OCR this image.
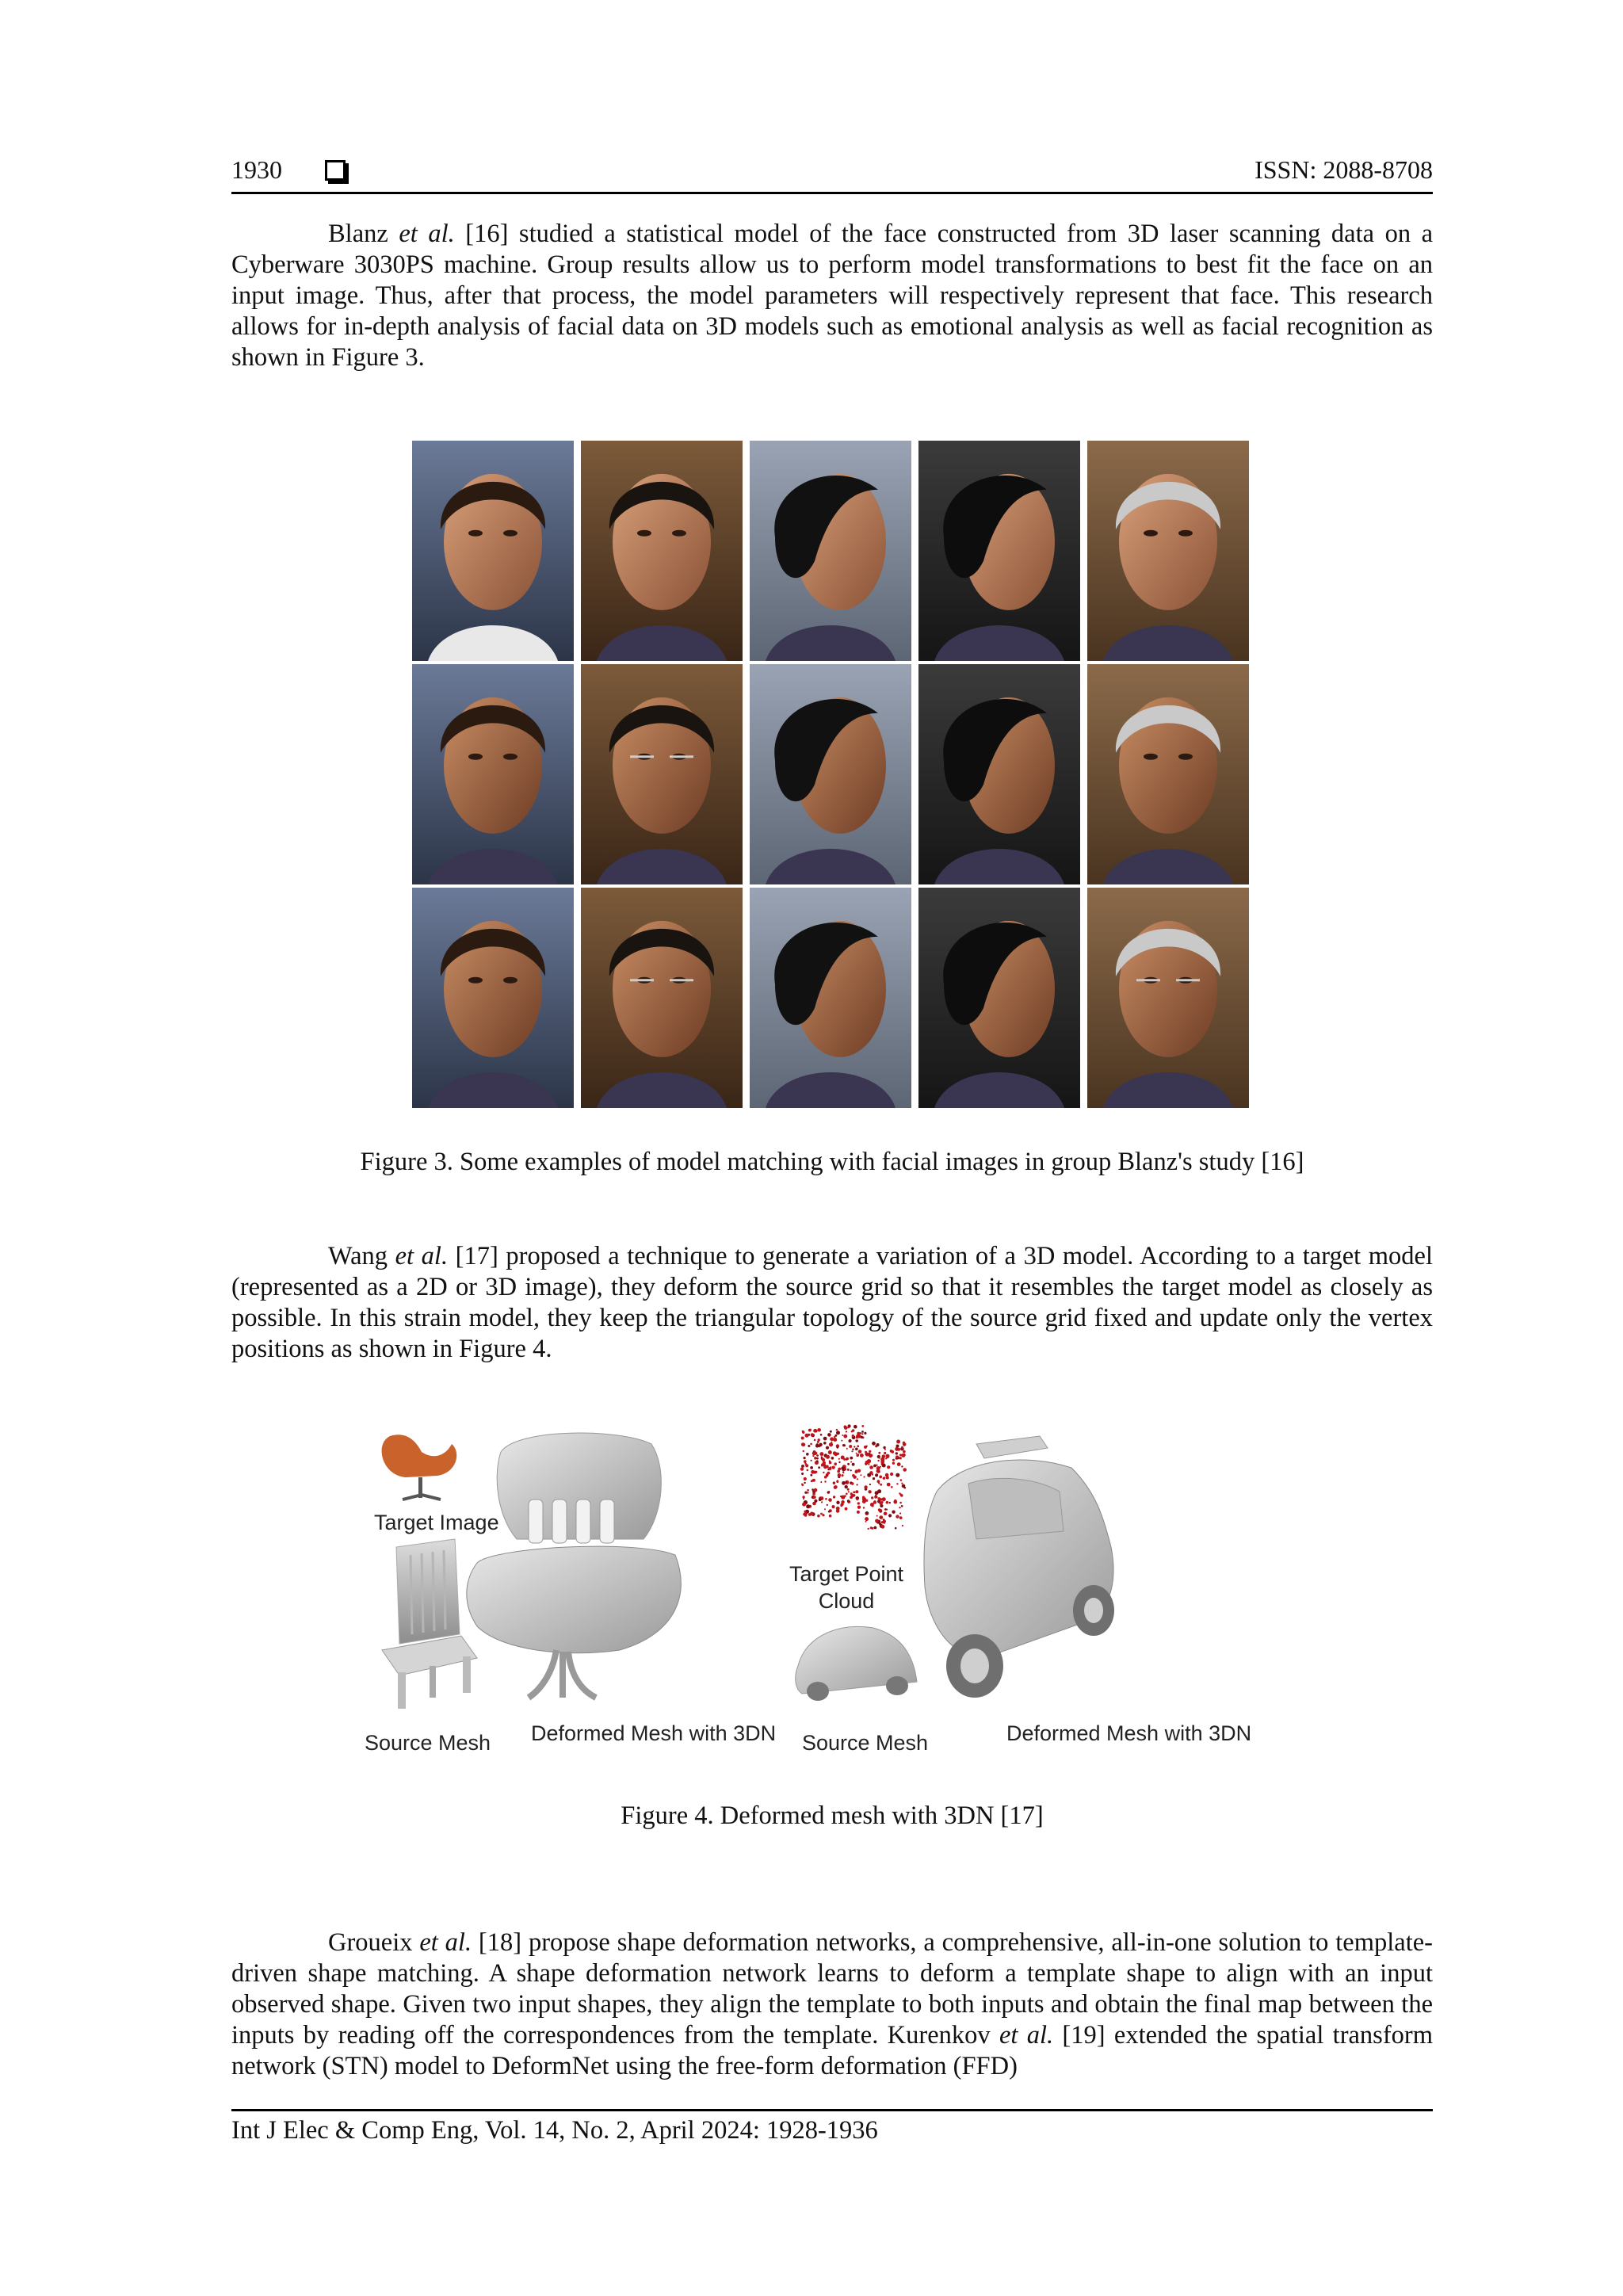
1930	ISSN: 2088-8708

Blanz et al. [16] studied a statistical model of the face constructed from 3D laser scanning data on a Cyberware 3030PS machine. Group results allow us to perform model transformations to best fit the face on an input image. Thus, after that process, the model parameters will respectively represent that face. This research allows for in-depth analysis of facial data on 3D models such as emotional analysis as well as facial recognition as shown in Figure 3.

Figure 3. Some examples of model matching with facial images in group Blanz's study [16]

Wang et al. [17] proposed a technique to generate a variation of a 3D model. According to a target model (represented as a 2D or 3D image), they deform the source grid so that it resembles the target model as closely as possible. In this strain model, they keep the triangular topology of the source grid fixed and update only the vertex positions as shown in Figure 4.

Target Image
Source Mesh Deformed Mesh with 3DN
Target Point
Cloud
Source Mesh	Deformed Mesh with 3DN
Figure 4. Deformed mesh with 3DN [17]

Groueix et al. [18] propose shape deformation networks, a comprehensive, all-in-one solution to template-driven shape matching. A shape deformation network learns to deform a template shape to align with an input observed shape. Given two input shapes, they align the template to both inputs and obtain the final map between the inputs by reading off the correspondences from the template. Kurenkov et al. [19] extended the spatial transform network (STN) model to DeformNet using the free-form deformation (FFD)

Int J Elec & Comp Eng, Vol. 14, No. 2, April 2024: 1928-1936
